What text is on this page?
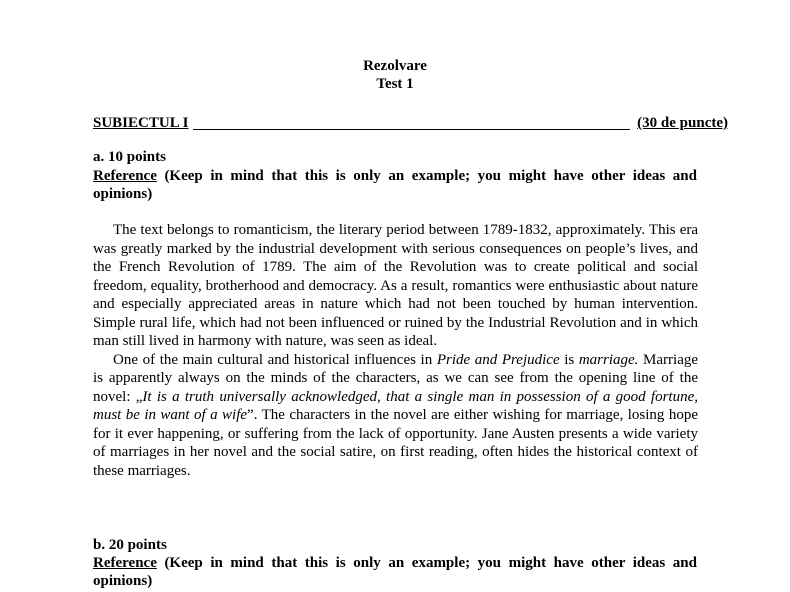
Rezolvare
Test 1
SUBIECTUL I	(30 de puncte)
a. 10 points
Reference (Keep in mind that this is only an example; you might have other ideas and opinions)

The text belongs to romanticism, the literary period between 1789-1832, approximately. This era was greatly marked by the industrial development with serious consequences on people’s lives, and the French Revolution of 1789. The aim of the Revolution was to create political and social freedom, equality, brotherhood and democracy. As a result, romantics were enthusiastic about nature and especially appreciated areas in nature which had not been touched by human intervention. Simple rural life, which had not been influenced or ruined by the Industrial Revolution and in which man still lived in harmony with nature, was seen as ideal.

One of the main cultural and historical influences in Pride and Prejudice is marriage. Marriage is apparently always on the minds of the characters, as we can see from the opening line of the novel: „It is a truth universally acknowledged, that a single man in possession of a good fortune, must be in want of a wife”. The characters in the novel are either wishing for marriage, losing hope for it ever happening, or suffering from the lack of opportunity. Jane Austen presents a wide variety of marriages in her novel and the social satire, on first reading, often hides the historical context of these marriages.

b. 20 points
Reference (Keep in mind that this is only an example; you might have other ideas and opinions)
